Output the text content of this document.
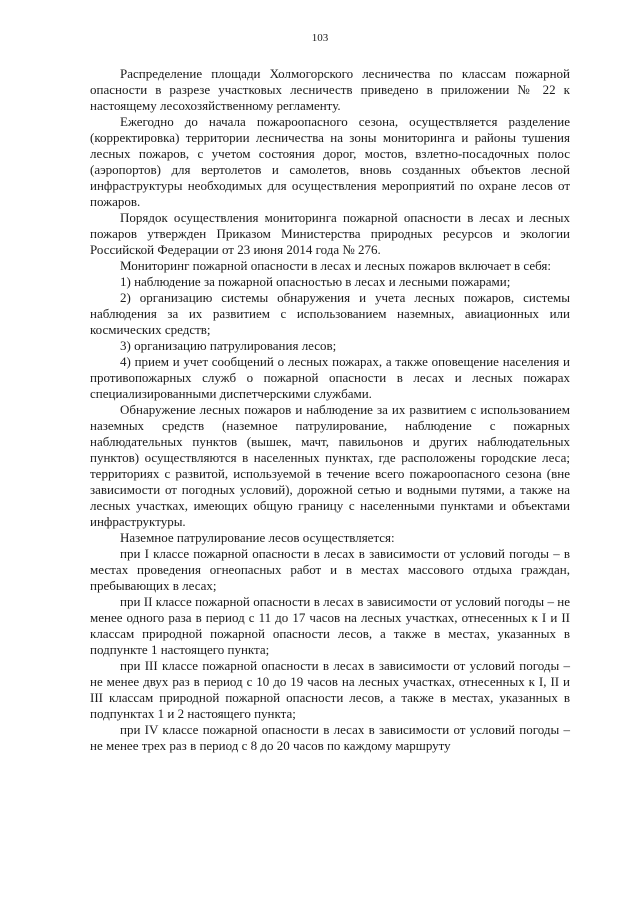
103

Распределение площади Холмогорского лесничества по классам пожарной опасности в разрезе участковых лесничеств приведено в приложении № 22 к настоящему лесохозяйственному регламенту.

Ежегодно до начала пожароопасного сезона, осуществляется разделение (корректировка) территории лесничества на зоны мониторинга и районы тушения лесных пожаров, с учетом состояния дорог, мостов, взлетно-посадочных полос (аэропортов) для вертолетов и самолетов, вновь созданных объектов лесной инфраструктуры необходимых для осуществления мероприятий по охране лесов от пожаров.

Порядок осуществления мониторинга пожарной опасности в лесах и лесных пожаров утвержден Приказом Министерства природных ресурсов и экологии Российской Федерации от 23 июня 2014 года № 276.

Мониторинг пожарной опасности в лесах и лесных пожаров включает в себя:

1) наблюдение за пожарной опасностью в лесах и лесными пожарами;

2) организацию системы обнаружения и учета лесных пожаров, системы наблюдения за их развитием с использованием наземных, авиационных или космических средств;

3) организацию патрулирования лесов;

4) прием и учет сообщений о лесных пожарах, а также оповещение населения и противопожарных служб о пожарной опасности в лесах и лесных пожарах специализированными диспетчерскими службами.

Обнаружение лесных пожаров и наблюдение за их развитием с использованием наземных средств (наземное патрулирование, наблюдение с пожарных наблюдательных пунктов (вышек, мачт, павильонов и других наблюдательных пунктов) осуществляются в населенных пунктах, где расположены городские леса; территориях с развитой, используемой в течение всего пожароопасного сезона (вне зависимости от погодных условий), дорожной сетью и водными путями, а также на лесных участках, имеющих общую границу с населенными пунктами и объектами инфраструктуры.

Наземное патрулирование лесов осуществляется:

при I классе пожарной опасности в лесах в зависимости от условий погоды – в местах проведения огнеопасных работ и в местах массового отдыха граждан, пребывающих в лесах;

при II классе пожарной опасности в лесах в зависимости от условий погоды – не менее одного раза в период с 11 до 17 часов на лесных участках, отнесенных к I и II классам природной пожарной опасности лесов, а также в местах, указанных в подпункте 1 настоящего пункта;

при III классе пожарной опасности в лесах в зависимости от условий погоды – не менее двух раз в период с 10 до 19 часов на лесных участках, отнесенных к I, II и III классам природной пожарной опасности лесов, а также в местах, указанных в подпунктах 1 и 2 настоящего пункта;

при IV классе пожарной опасности в лесах в зависимости от условий погоды – не менее трех раз в период с 8 до 20 часов по каждому маршруту
